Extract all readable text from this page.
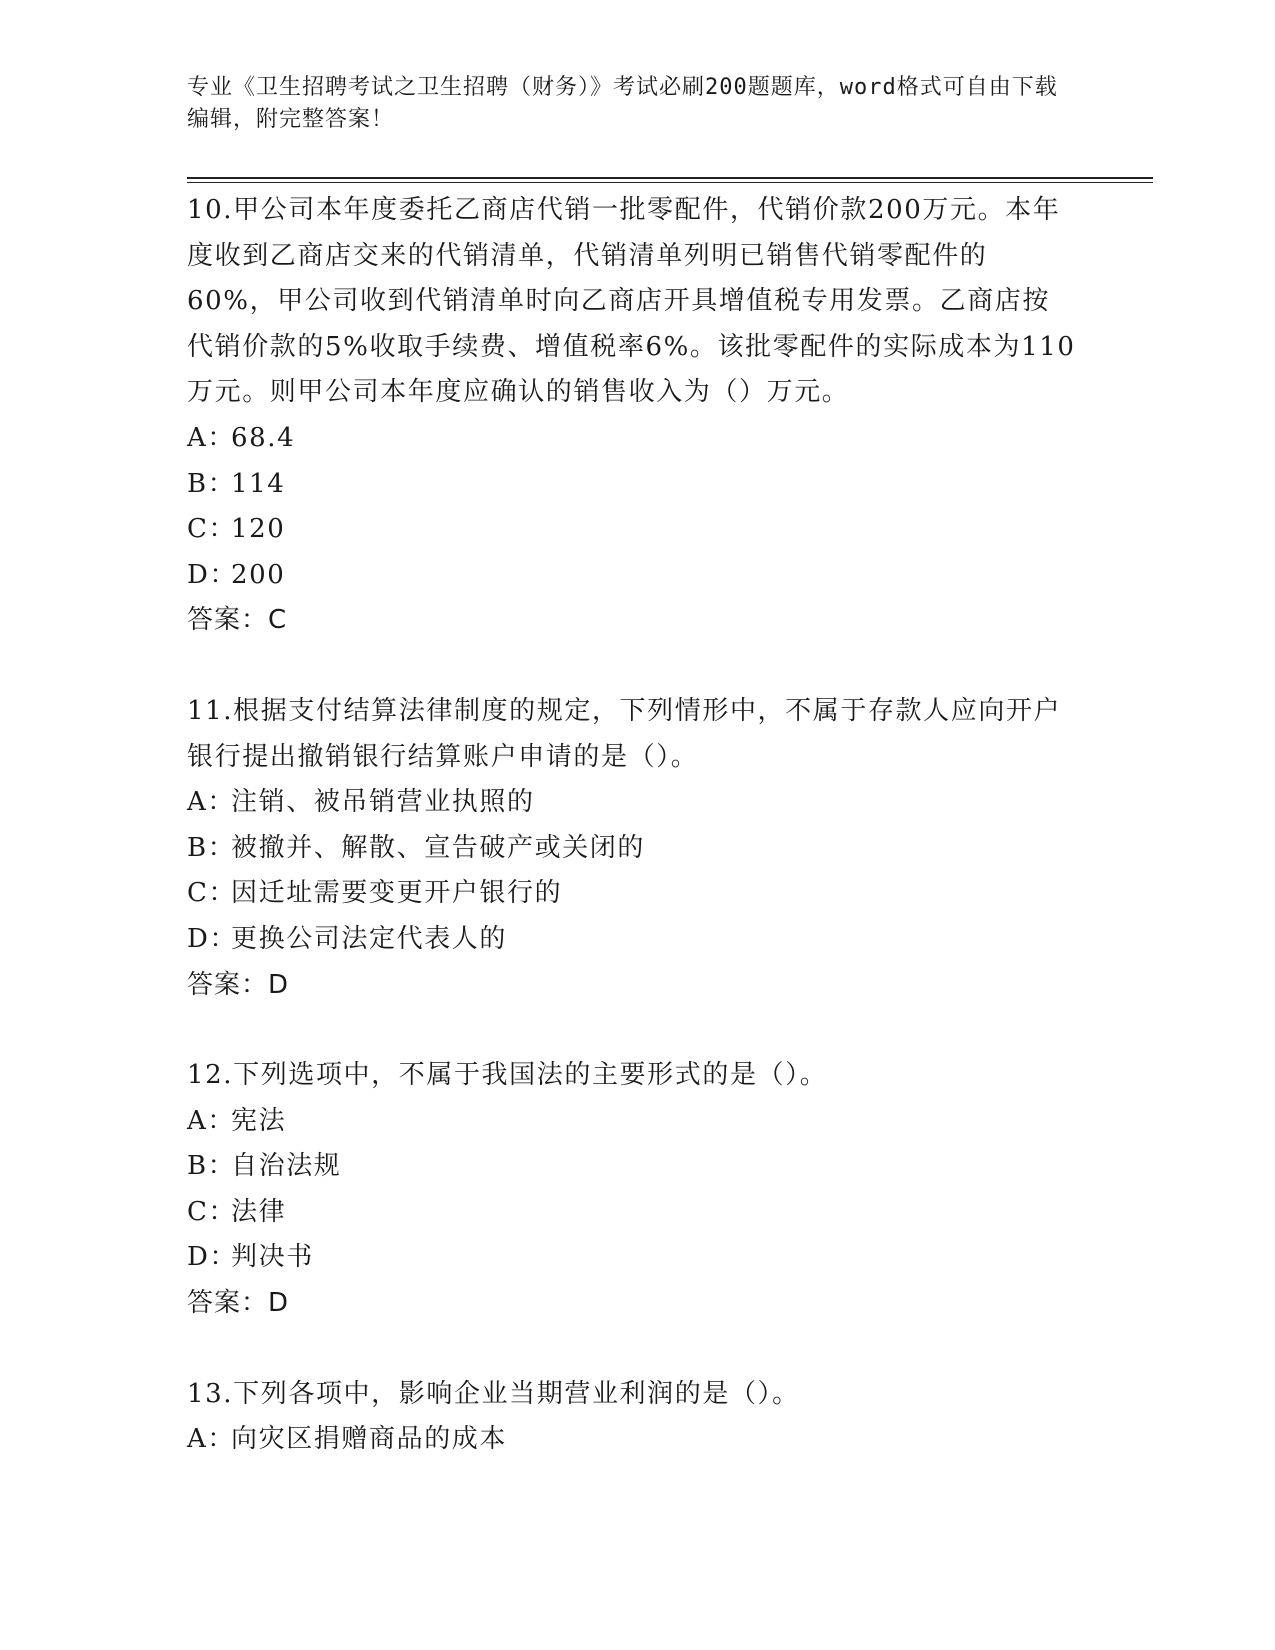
专业《卫生招聘考试之卫生招聘（财务）》考试必刷200题题库，word格式可自由下载编辑，附完整答案！

10.甲公司本年度委托乙商店代销一批零配件，代销价款200万元。本年度收到乙商店交来的代销清单，代销清单列明已销售代销零配件的60%，甲公司收到代销清单时向乙商店开具增值税专用发票。乙商店按代销价款的5%收取手续费、增值税率6%。该批零配件的实际成本为110万元。则甲公司本年度应确认的销售收入为（）万元。

A：68.4

B：114

C：120

D：200

答案：C

11.根据支付结算法律制度的规定，下列情形中，不属于存款人应向开户银行提出撤销银行结算账户申请的是（）。

A：注销、被吊销营业执照的

B：被撤并、解散、宣告破产或关闭的

C：因迁址需要变更开户银行的

D：更换公司法定代表人的

答案：D

12.下列选项中，不属于我国法的主要形式的是（）。

A：宪法

B：自治法规

C：法律

D：判决书

答案：D

13.下列各项中，影响企业当期营业利润的是（）。

A：向灾区捐赠商品的成本
